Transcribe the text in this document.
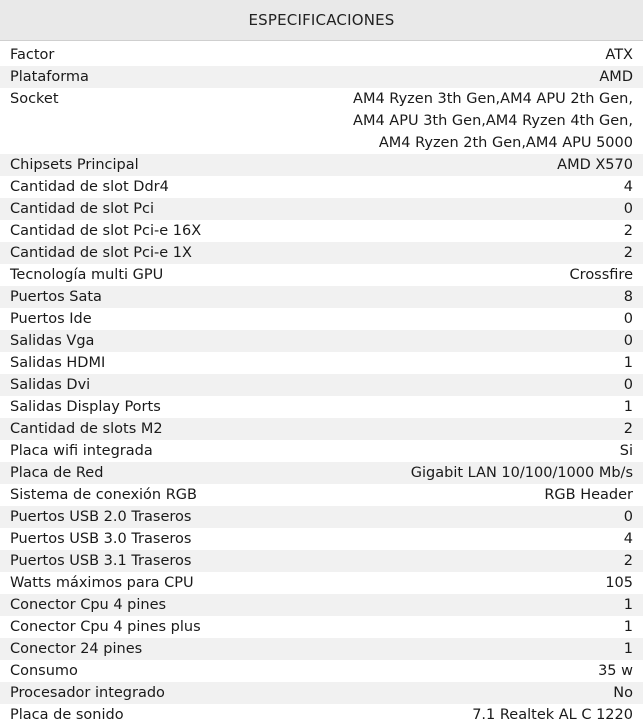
ESPECIFICACIONES
Factor	ATX
Plataforma	AMD
Socket	AM4 Ryzen 3th Gen,AM4 APU 2th Gen, AM4 APU 3th Gen,AM4 Ryzen 4th Gen, AM4 Ryzen 2th Gen,AM4 APU 5000
Chipsets Principal	AMD X570
Cantidad de slot Ddr4	4
Cantidad de slot Pci	0
Cantidad de slot Pci-e 16X	2
Cantidad de slot Pci-e 1X	2
Tecnología multi GPU	Crossfire
Puertos Sata	8
Puertos Ide	0
Salidas Vga	0
Salidas HDMI	1
Salidas Dvi	0
Salidas Display Ports	1
Cantidad de slots M2	2
Placa wifi integrada	Si
Placa de Red	Gigabit LAN 10/100/1000 Mb/s
Sistema de conexión RGB	RGB Header
Puertos USB 2.0 Traseros	0
Puertos USB 3.0 Traseros	4
Puertos USB 3.1 Traseros	2
Watts máximos para CPU	105
Conector Cpu 4 pines	1
Conector Cpu 4 pines plus	1
Conector 24 pines	1
Consumo	35 w
Procesador integrado	No
Placa de sonido	7.1 Realtek AL C 1220
